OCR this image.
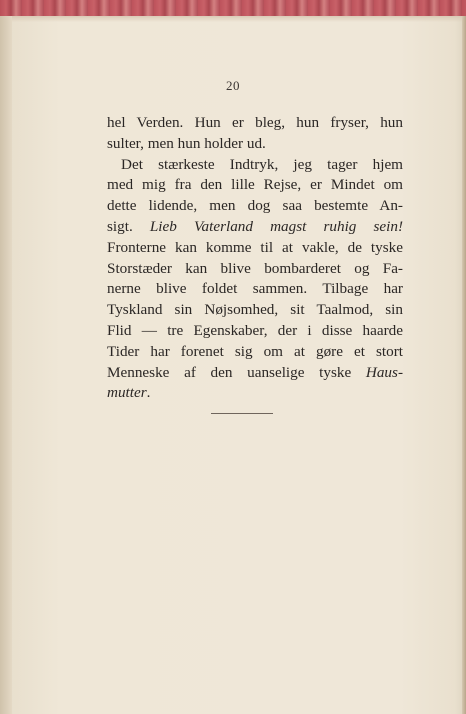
20
hel Verden. Hun er bleg, hun fryser, hun
sulter, men hun holder ud.
Det stærkeste Indtryk, jeg tager hjem
med mig fra den lille Rejse, er Mindet om
dette lidende, men dog saa bestemte An-
sigt. Lieb Vaterland magst ruhig sein!
Fronterne kan komme til at vakle, de tyske
Storstæder kan blive bombarderet og Fa-
nerne blive foldet sammen. Tilbage har
Tyskland sin Nøjsomhed, sit Taalmod, sin
Flid — tre Egenskaber, der i disse haarde
Tider har forenet sig om at gøre et stort
Menneske af den uanselige tyske Haus-
mutter.
